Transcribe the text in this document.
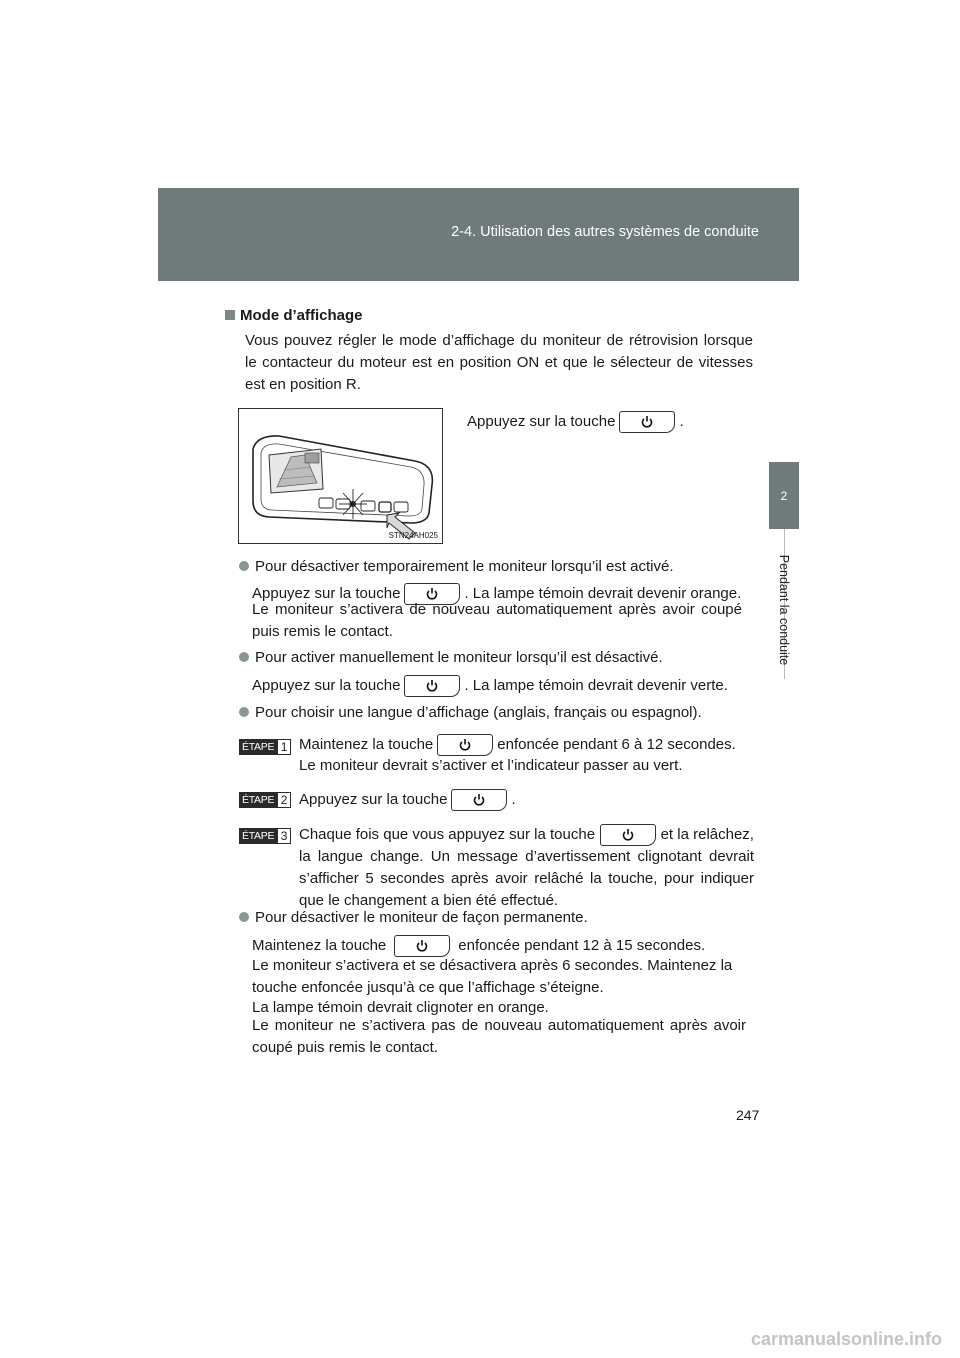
2-4. Utilisation des autres systèmes de conduite
2
Pendant la conduite
Mode d’affichage
Vous pouvez régler le mode d’affichage du moniteur de rétrovision lorsque le contacteur du moteur est en position ON et que le sélecteur de vitesses est en position R.
STN24AH025
Appuyez sur la touche	.
Pour désactiver temporairement le moniteur lorsqu’il est activé.
Appuyez sur la touche	. La lampe témoin devrait devenir orange.
Le moniteur s’activera de nouveau automatiquement après avoir coupé puis remis le contact.
Pour activer manuellement le moniteur lorsqu’il est désactivé.
Appuyez sur la touche	. La lampe témoin devrait devenir verte.
Pour choisir une langue d’affichage (anglais, français ou espagnol).
ÉTAPE 1 Maintenez la touche	enfoncée pendant 6 à 12 secondes.
Le moniteur devrait s’activer et l’indicateur passer au vert.
ÉTAPE 2 Appuyez sur la touche	.
ÉTAPE 3 Chaque fois que vous appuyez sur la touche	et la relâchez,
la langue change. Un message d’avertissement clignotant devrait s’afficher 5 secondes après avoir relâché la touche, pour indiquer que le changement a bien été effectué.
Pour désactiver le moniteur de façon permanente.
Maintenez la touche	enfoncée pendant 12 à 15 secondes.
Le moniteur s’activera et se désactivera après 6 secondes. Maintenez la touche enfoncée jusqu’à ce que l’affichage s’éteigne.
La lampe témoin devrait clignoter en orange.
Le moniteur ne s’activera pas de nouveau automatiquement après avoir coupé puis remis le contact.
247
carmanualsonline.info
